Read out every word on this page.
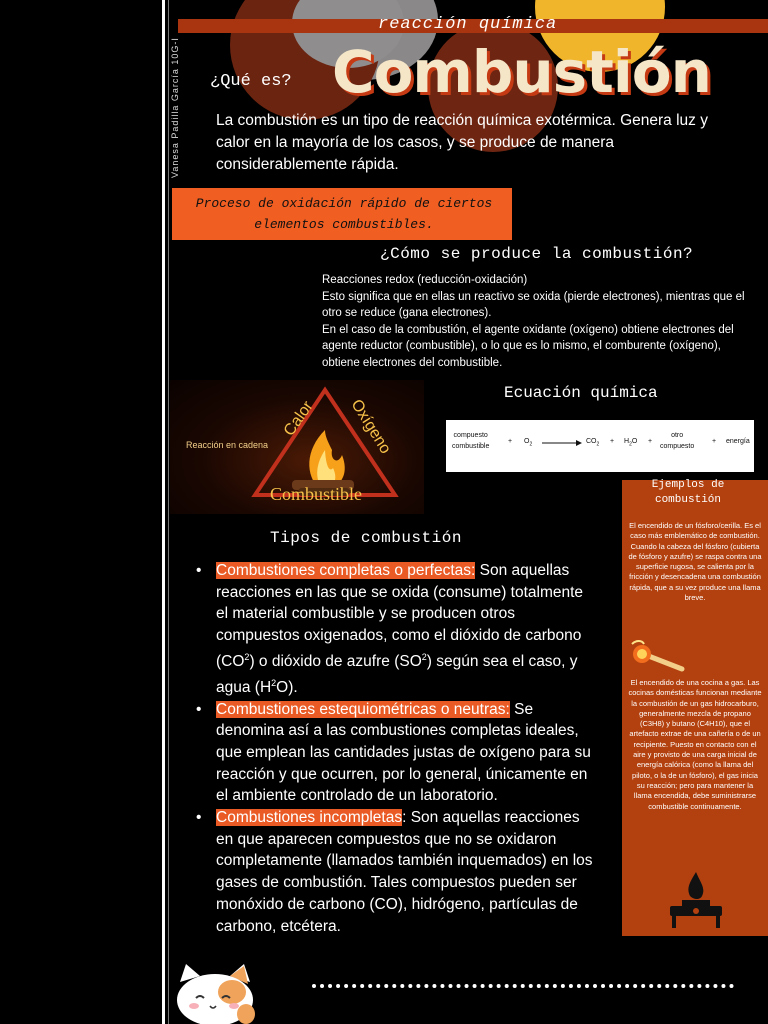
Vanesa Padilla García 10G-I
reacción química
Combustión
¿Qué es?
La combustión es un tipo de reacción química exotérmica. Genera luz y calor en la mayoría de los casos, y se produce de manera considerablemente rápida.
Proceso de oxidación rápido de ciertos elementos combustibles.
¿Cómo se produce la combustión?
Reacciones redox (reducción-oxidación)
Esto significa que en ellas un reactivo se oxida (pierde electrones), mientras que el otro se reduce (gana electrones).
En el caso de la combustión, el agente oxidante (oxígeno) obtiene electrones del agente reductor (combustible), o lo que es lo mismo, el comburente (oxígeno), obtiene electrones del combustible.
Reacción en cadena
Calor Oxígeno
Combustible
Ecuación química
compuesto
combustible
+ $O_2$	$CO_2 + H_2O$ +
otro
compuesto
+ energía
Ejemplos de combustión
El encendido de un fósforo/cerilla. Es el caso más emblemático de combustión. Cuando la cabeza del fósforo (cubierta de fósforo y azufre) se raspa contra una superficie rugosa, se calienta por la fricción y desencadena una combustión rápida, que a su vez produce una llama breve.
El encendido de una cocina a gas. Las cocinas domésticas funcionan mediante la combustión de un gas hidrocarburo, generalmente mezcla de propano (C3H8) y butano (C4H10), que el artefacto extrae de una cañería o de un recipiente. Puesto en contacto con el aire y provisto de una carga inicial de energía calórica (como la llama del piloto, o la de un fósforo), el gas inicia su reacción; pero para mantener la llama encendida, debe suministrarse combustible continuamente.
Tipos de combustión
• Combustiones completas o perfectas: Son aquellas reacciones en las que se oxida (consume) totalmente el material combustible y se producen otros compuestos oxigenados, como el dióxido de carbono $(CO^2)$ o dióxido de azufre $(SO^2)$ según sea el caso, y agua $(H^2O)$.
• Combustiones estequiométricas o neutras: Se denomina así a las combustiones completas ideales, que emplean las cantidades justas de oxígeno para su reacción y que ocurren, por lo general, únicamente en el ambiente controlado de un laboratorio.
• Combustiones incompletas: Son aquellas reacciones en que aparecen compuestos que no se oxidaron completamente (llamados también inquemados) en los gases de combustión. Tales compuestos pueden ser monóxido de carbono (CO), hidrógeno, partículas de carbono, etcétera.
